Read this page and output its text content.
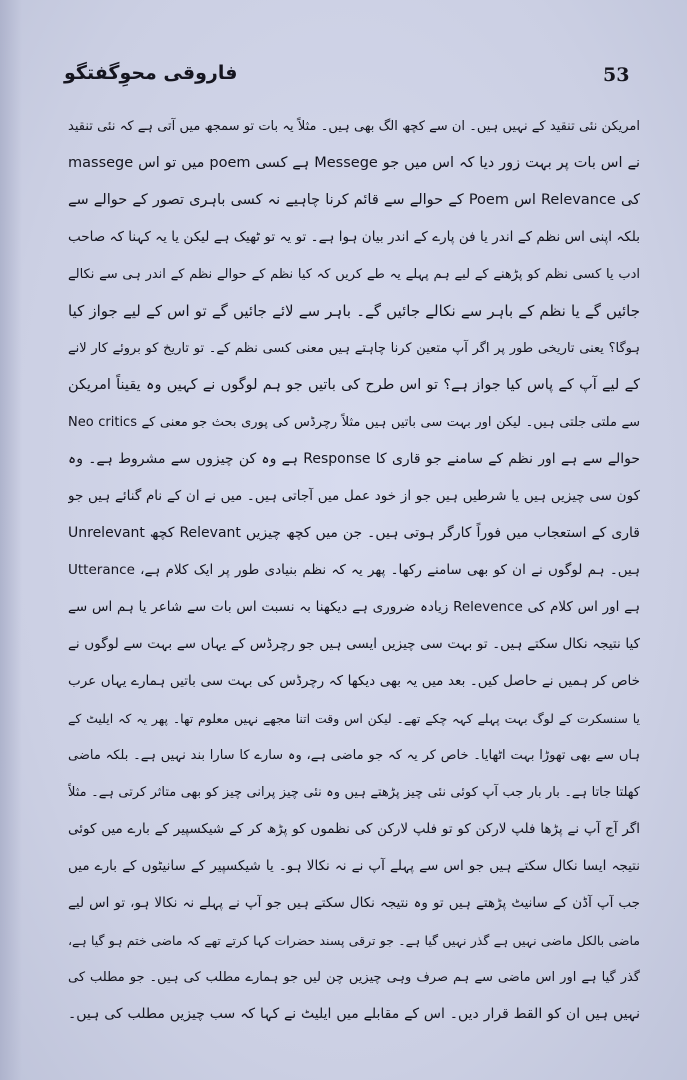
53
فاروقی محوِگفتگو
امریکن نئی تنقید کے نہیں ہیں۔ ان سے کچھ الگ بھی ہیں۔ مثلاً یہ بات تو سمجھ میں آتی ہے کہ نئی تنقید
نے اس بات پر بہت زور دیا کہ اس میں جو Messege ہے کسی poem میں تو اس massege
کی Relevance اس Poem کے حوالے سے قائم کرنا چاہیے نہ کسی باہری تصور کے حوالے سے
بلکہ اپنی اس نظم کے اندر یا فن پارے کے اندر بیان ہوا ہے۔ تو یہ تو ٹھیک ہے لیکن یا یہ کہنا کہ صاحب
ادب یا کسی نظم کو پڑھنے کے لیے ہم پہلے یہ طے کریں کہ کیا نظم کے حوالے نظم کے اندر ہی سے نکالے
جائیں گے یا نظم کے باہر سے نکالے جائیں گے۔ باہر سے لائے جائیں گے تو اس کے لیے جواز کیا
ہوگا؟ یعنی تاریخی طور پر اگر آپ متعین کرنا چاہتے ہیں معنی کسی نظم کے۔ تو تاریخ کو بروئے کار لانے
کے لیے آپ کے پاس کیا جواز ہے؟ تو اس طرح کی باتیں جو ہم لوگوں نے کہیں وہ یقیناً امریکن
Neo critics سے ملتی جلتی ہیں۔ لیکن اور بہت سی باتیں ہیں مثلاً رچرڈس کی پوری بحث جو معنی کے
حوالے سے ہے اور نظم کے سامنے جو قاری کا Response ہے وہ کن چیزوں سے مشروط ہے۔ وہ
کون سی چیزیں ہیں یا شرطیں ہیں جو از خود عمل میں آجاتی ہیں۔ میں نے ان کے نام گنائے ہیں جو
قاری کے استعجاب میں فوراً کارگر ہوتی ہیں۔ جن میں کچھ چیزیں Relevant کچھ Unrelevant
ہیں۔ ہم لوگوں نے ان کو بھی سامنے رکھا۔ پھر یہ کہ نظم بنیادی طور پر ایک کلام ہے، Utterance
ہے اور اس کلام کی Relevence زیادہ ضروری ہے دیکھنا بہ نسبت اس بات سے شاعر یا ہم اس سے
کیا نتیجہ نکال سکتے ہیں۔ تو بہت سی چیزیں ایسی ہیں جو رچرڈس کے یہاں سے بہت سے لوگوں نے
خاص کر ہمیں نے حاصل کیں۔ بعد میں یہ بھی دیکھا کہ رچرڈس کی بہت سی باتیں ہمارے یہاں عرب
یا سنسکرت کے لوگ بہت پہلے کہہ چکے تھے۔ لیکن اس وقت اتنا مجھے نہیں معلوم تھا۔ پھر یہ کہ ایلیٹ کے
ہاں سے بھی تھوڑا بہت اٹھایا۔ خاص کر یہ کہ جو ماضی ہے، وہ سارے کا سارا بند نہیں ہے۔ بلکہ ماضی
کھلتا جاتا ہے۔ بار بار جب آپ کوئی نئی چیز پڑھتے ہیں وہ نئی چیز پرانی چیز کو بھی متاثر کرتی ہے۔ مثلاً
اگر آج آپ نے پڑھا فلپ لارکن کو تو فلپ لارکن کی نظموں کو پڑھ کر کے شیکسپیر کے بارے میں کوئی
نتیجہ ایسا نکال سکتے ہیں جو اس سے پہلے آپ نے نہ نکالا ہو۔ یا شیکسپیر کے سانیٹوں کے بارے میں
جب آپ آڈن کے سانیٹ پڑھتے ہیں تو وہ نتیجہ نکال سکتے ہیں جو آپ نے پہلے نہ نکالا ہو، تو اس لیے
ماضی بالکل ماضی نہیں ہے گذر نہیں گیا ہے۔ جو ترقی پسند حضرات کہا کرتے تھے کہ ماضی ختم ہو گیا ہے،
گذر گیا ہے اور اس ماضی سے ہم صرف وہی چیزیں چن لیں جو ہمارے مطلب کی ہیں۔ جو مطلب کی
نہیں ہیں ان کو القط قرار دیں۔ اس کے مقابلے میں ایلیٹ نے کہا کہ سب چیزیں مطلب کی ہیں۔
